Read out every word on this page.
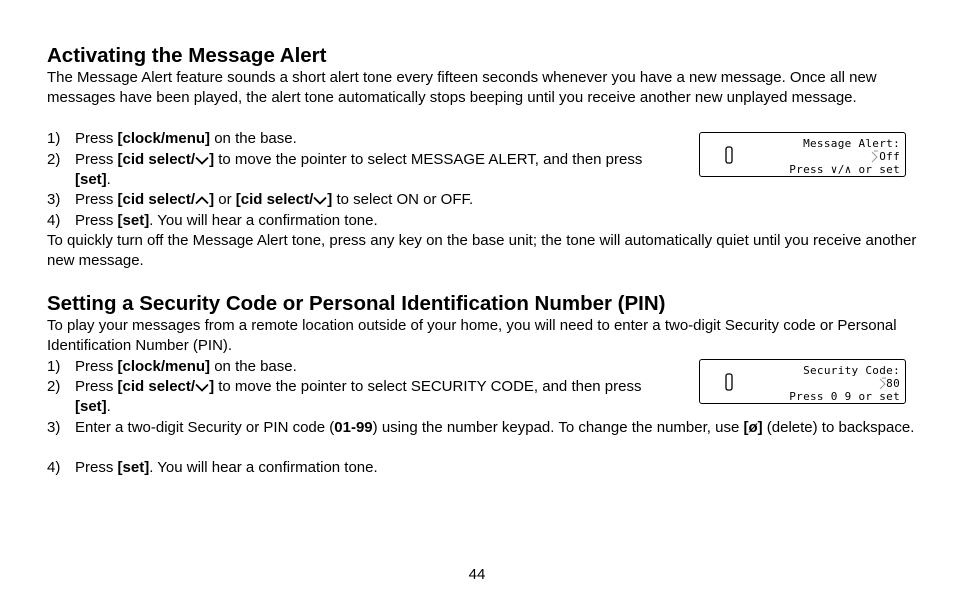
Activating the Message Alert
The Message Alert feature sounds a short alert tone every fifteen seconds whenever you have a new message. Once all new messages have been played, the alert tone automatically stops beeping until you receive another new unplayed message.
1) Press [clock/menu] on the base.
2) Press [cid select/ ] to move the pointer to select MESSAGE ALERT, and then press [set].
3) Press [cid select/ ] or [cid select/ ] to select ON or OFF.
4) Press [set]. You will hear a confirmation tone.
To quickly turn off the Message Alert tone, press any key on the base unit; the tone will automatically quiet until you receive another new message.
Message Alert:
Off
Press ∨/∧ or set
Setting a Security Code or Personal Identification Number (PIN)
To play your messages from a remote location outside of your home, you will need to enter a two-digit Security code or Personal Identification Number (PIN).
1) Press [clock/menu] on the base.
2) Press [cid select/ ] to move the pointer to select SECURITY CODE, and then press [set].
3) Enter a two-digit Security or PIN code (01-99) using the number keypad. To change the number, use [ø] (delete) to backspace.
4) Press [set]. You will hear a confirmation tone.
Security Code:
80
Press 0 9 or set
44
